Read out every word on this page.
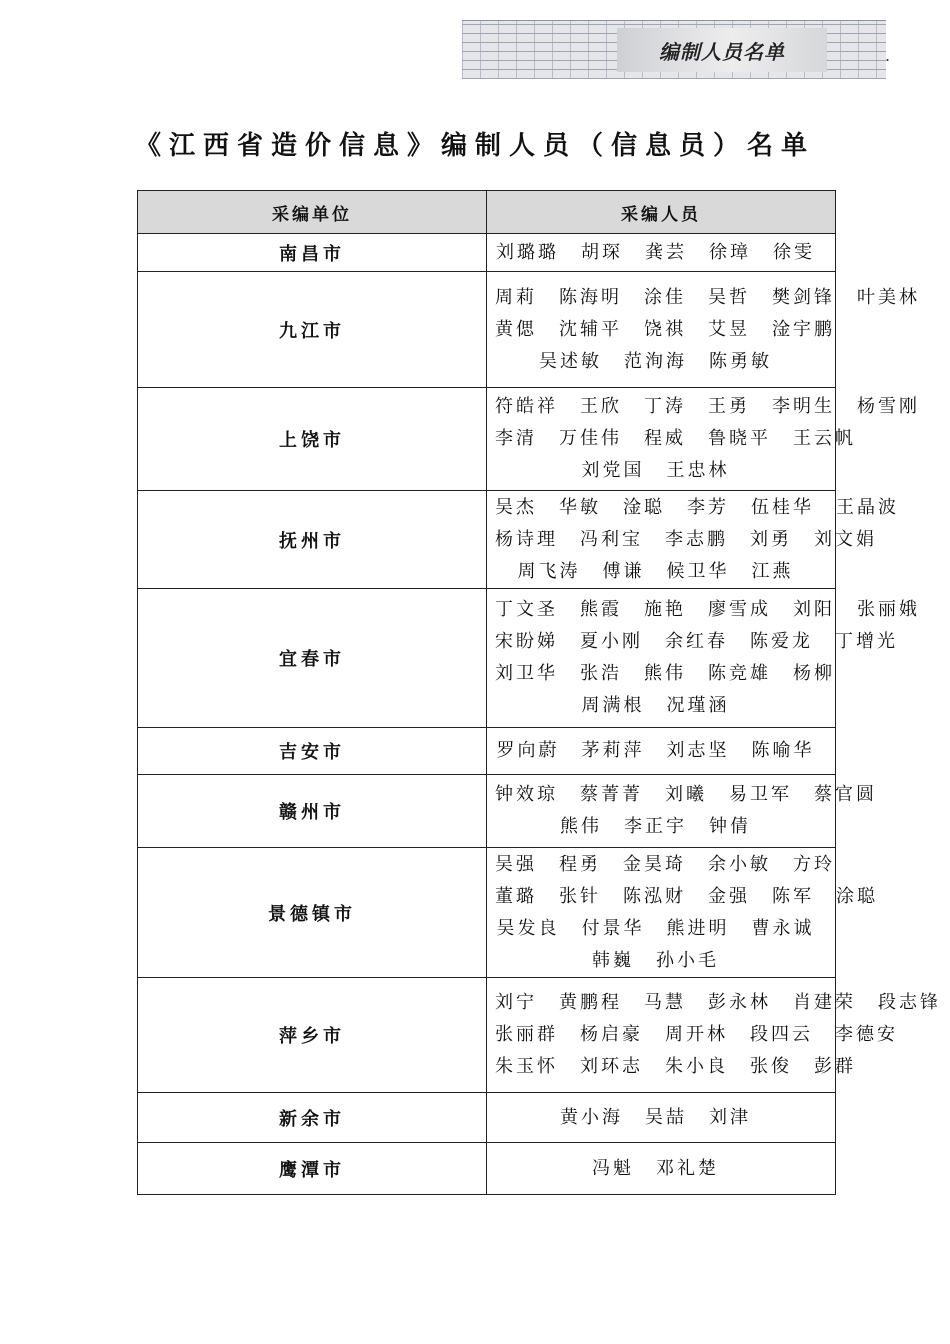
编制人员名单	.
《江西省造价信息》编制人员（信息员）名单
采编单位	采编人员
南昌市	刘璐璐 胡琛 龚芸 徐璋 徐雯

九江市	周莉 陈海明 涂佳 吴哲 樊剑锋 叶美林
黄偲 沈辅平 饶祺 艾昱 淦宇鹏
吴述敏 范洵海 陈勇敏

上饶市	符皓祥 王欣 丁涛 王勇 李明生 杨雪刚
李清 万佳伟 程威 鲁晓平 王云帆
刘党国 王忠林

抚州市	吴杰 华敏 淦聪 李芳 伍桂华 王晶波
杨诗理 冯利宝 李志鹏 刘勇 刘文娟
周飞涛 傅谦 候卫华 江燕

宜春市	丁文圣 熊霞 施艳 廖雪成 刘阳 张丽娥
宋盼娣 夏小刚 余红春 陈爱龙 丁增光
刘卫华 张浩 熊伟 陈竞雄 杨柳
周满根 况瑾涵

吉安市	罗向蔚 茅莉萍 刘志坚 陈喻华

赣州市	钟效琼 蔡菁菁 刘曦 易卫军 蔡官圆
熊伟 李正宇 钟倩

景德镇市	吴强 程勇 金昊琦 余小敏 方玲
董璐 张针 陈泓财 金强 陈军 涂聪
吴发良 付景华 熊进明 曹永诚
韩巍 孙小毛

萍乡市	刘宁 黄鹏程 马慧 彭永林 肖建荣 段志锋
张丽群 杨启豪 周开林 段四云 李德安
朱玉怀 刘环志 朱小良 张俊 彭群

新余市	黄小海 吴喆 刘津

鹰潭市	冯魁 邓礼楚
